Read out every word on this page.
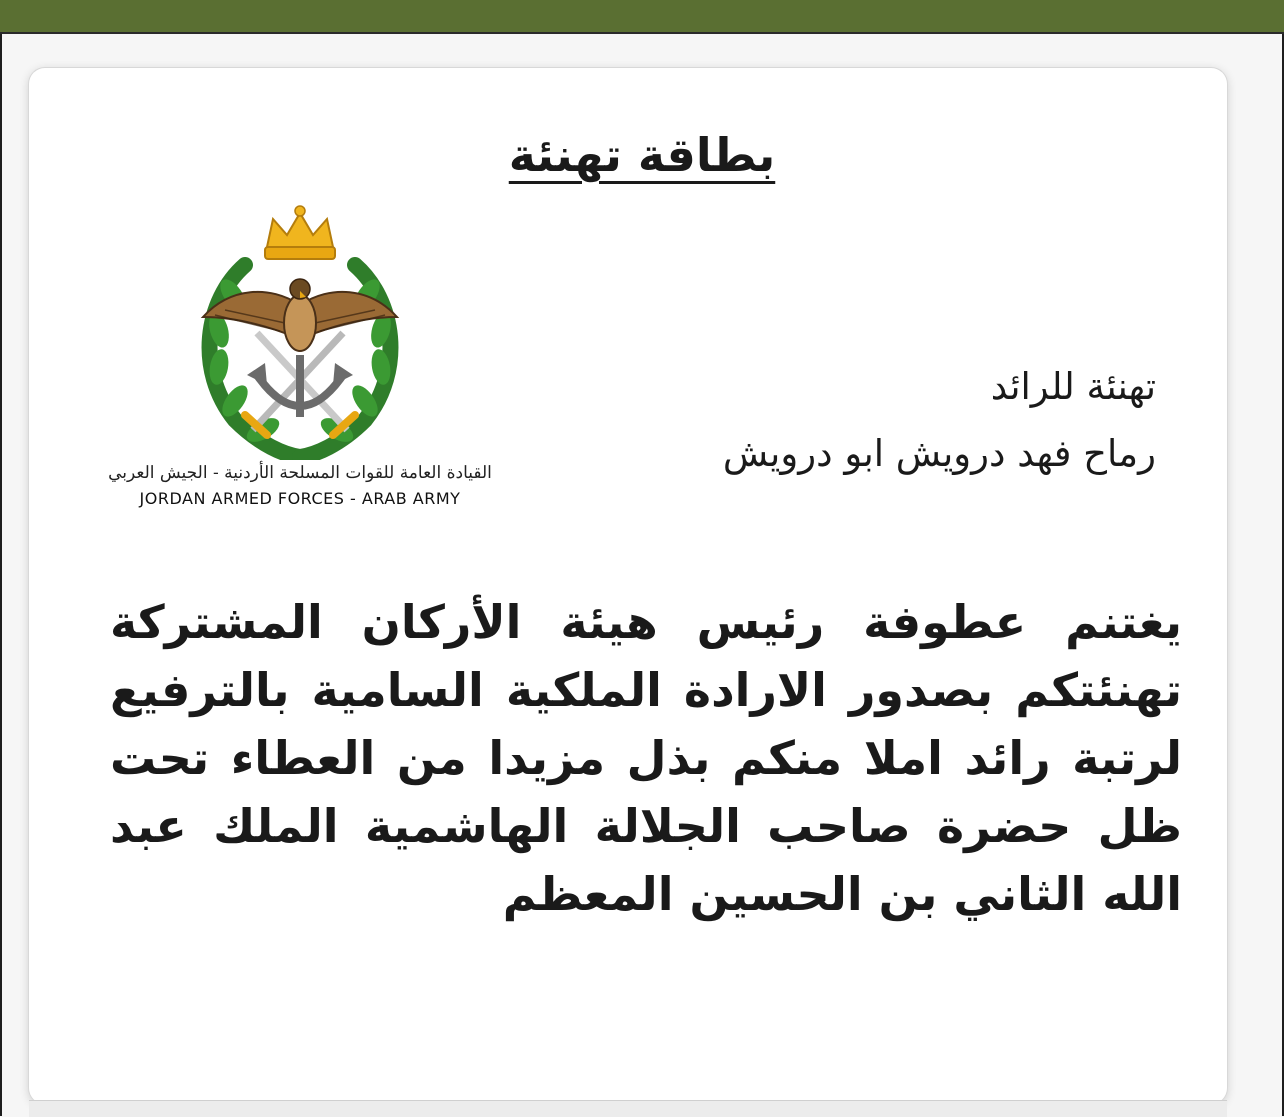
بطاقة تهنئة
القيادة العامة للقوات المسلحة الأردنية - الجيش العربي
JORDAN ARMED FORCES - ARAB ARMY
تهنئة للرائد
رماح فهد درويش ابو درويش
يغتنم عطوفة رئيس هيئة الأركان المشتركة تهنئتكم بصدور الارادة الملكية السامية بالترفيع لرتبة رائد املا منكم بذل مزيدا من العطاء تحت ظل حضرة صاحب الجلالة الهاشمية الملك عبد الله الثاني بن الحسين المعظم
